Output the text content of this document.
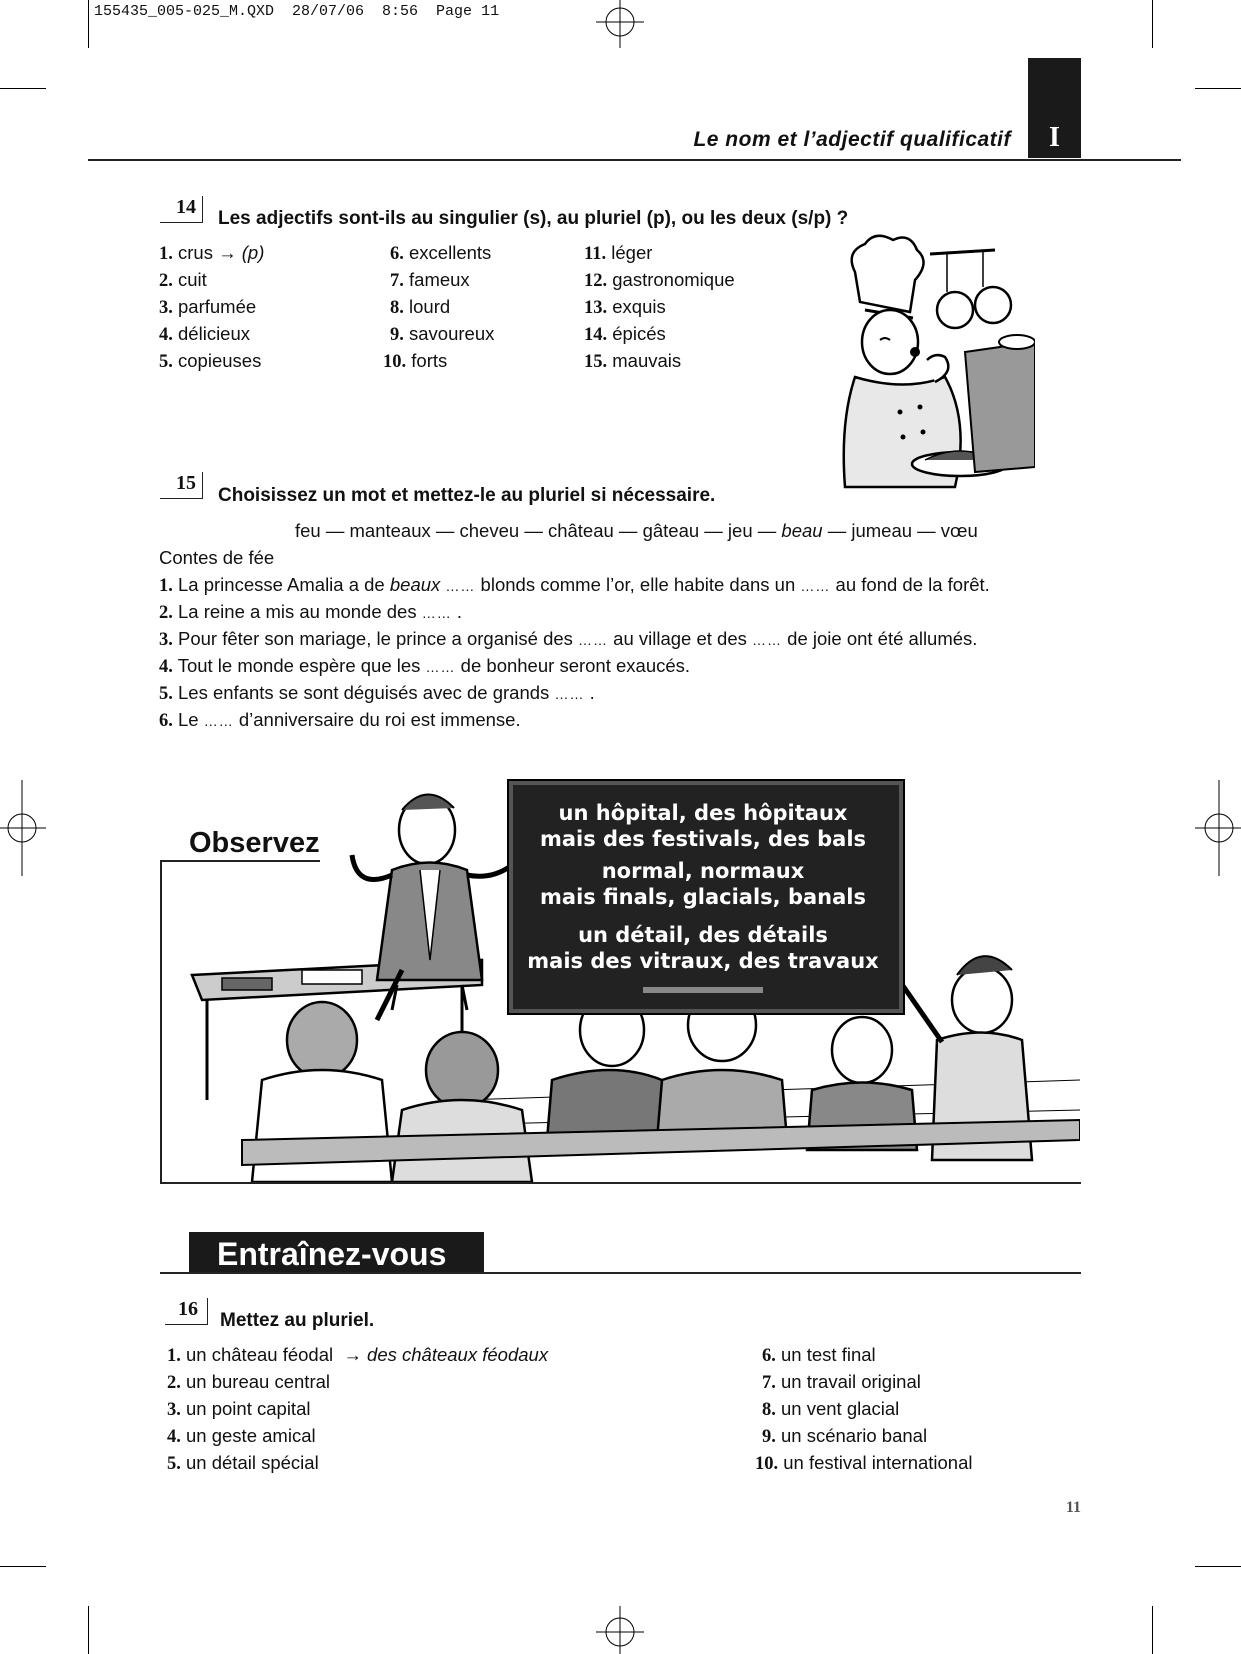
155435_005-025_M.QXD  28/07/06  8:56  Page 11
Le nom et l’adjectif qualificatif	I
14
Les adjectifs sont-ils au singulier (s), au pluriel (p), ou les deux (s/p) ?
1. crus → (p)
2. cuit
3. parfumée
4. délicieux
5. copieuses
6. excellents
7. fameux
8. lourd
9. savoureux
10. forts
11. léger
12. gastronomique
13. exquis
14. épicés
15. mauvais
15
Choisissez un mot et mettez-le au pluriel si nécessaire.
feu — manteaux — cheveu — château — gâteau — jeu — beau — jumeau — vœu
Contes de fée
1. La princesse Amalia a de beaux …… blonds comme l’or, elle habite dans un …… au fond de la forêt.
2. La reine a mis au monde des …… .
3. Pour fêter son mariage, le prince a organisé des …… au village et des …… de joie ont été allumés.
4. Tout le monde espère que les …… de bonheur seront exaucés.
5. Les enfants se sont déguisés avec de grands …… .
6. Le …… d’anniversaire du roi est immense.
Observez
un hôpital, des hôpitaux
mais des festivals, des bals
normal, normaux
mais finals, glacials, banals
un détail, des détails
mais des vitraux, des travaux
Entraînez-vous
16
Mettez au pluriel.
1. un château féodal → des châteaux féodaux
2. un bureau central
3. un point capital
4. un geste amical
5. un détail spécial
6. un test final
7. un travail original
8. un vent glacial
9. un scénario banal
10. un festival international
11
